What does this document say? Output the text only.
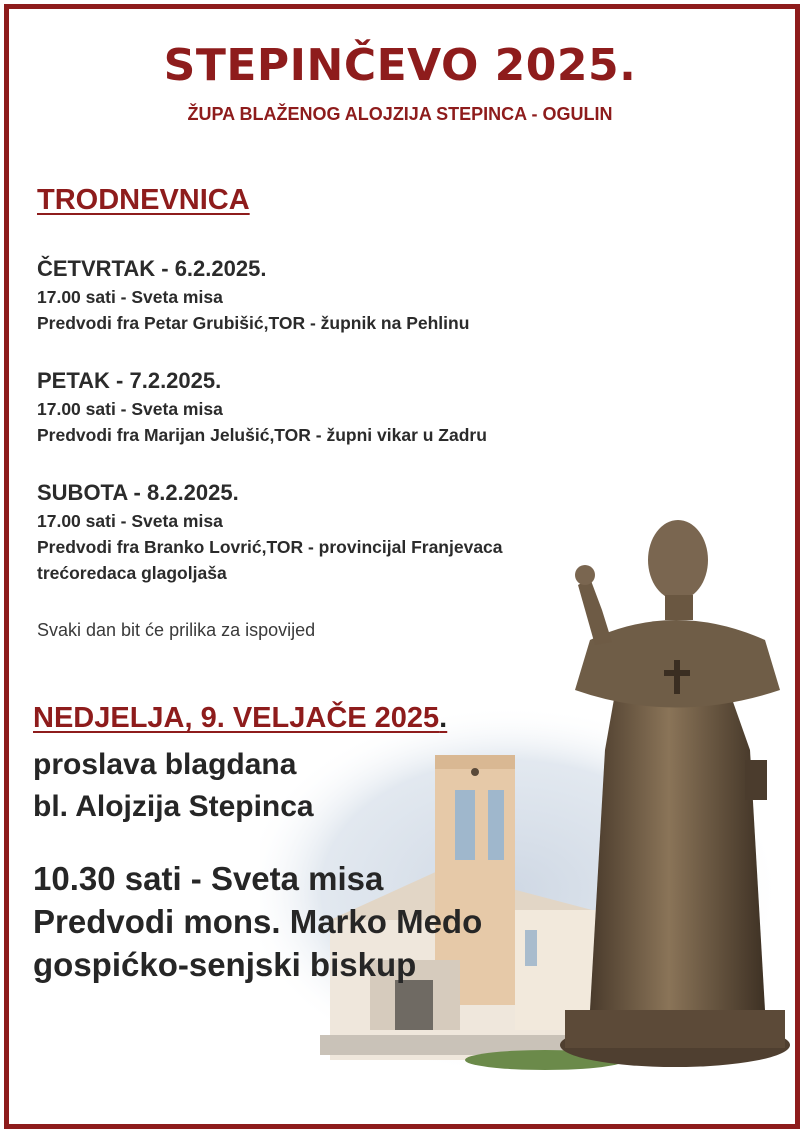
STEPINČEVO 2025.
ŽUPA BLAŽENOG ALOJZIJA STEPINCA - OGULIN
TRODNEVNICA
ČETVRTAK - 6.2.2025.
17.00 sati - Sveta misa
Predvodi fra Petar Grubišić,TOR - župnik na Pehlinu
PETAK - 7.2.2025.
17.00 sati - Sveta misa
Predvodi fra Marijan Jelušić,TOR - župni vikar u Zadru
SUBOTA - 8.2.2025.
17.00 sati - Sveta misa
Predvodi fra Branko Lovrić,TOR - provincijal Franjevaca
trećoredaca glagoljaša
Svaki dan bit će prilika za ispovijed
NEDJELJA, 9. VELJAČE 2025.
proslava blagdana
bl. Alojzija Stepinca
10.30 sati - Sveta misa
Predvodi mons. Marko Medo
gospićko-senjski biskup
